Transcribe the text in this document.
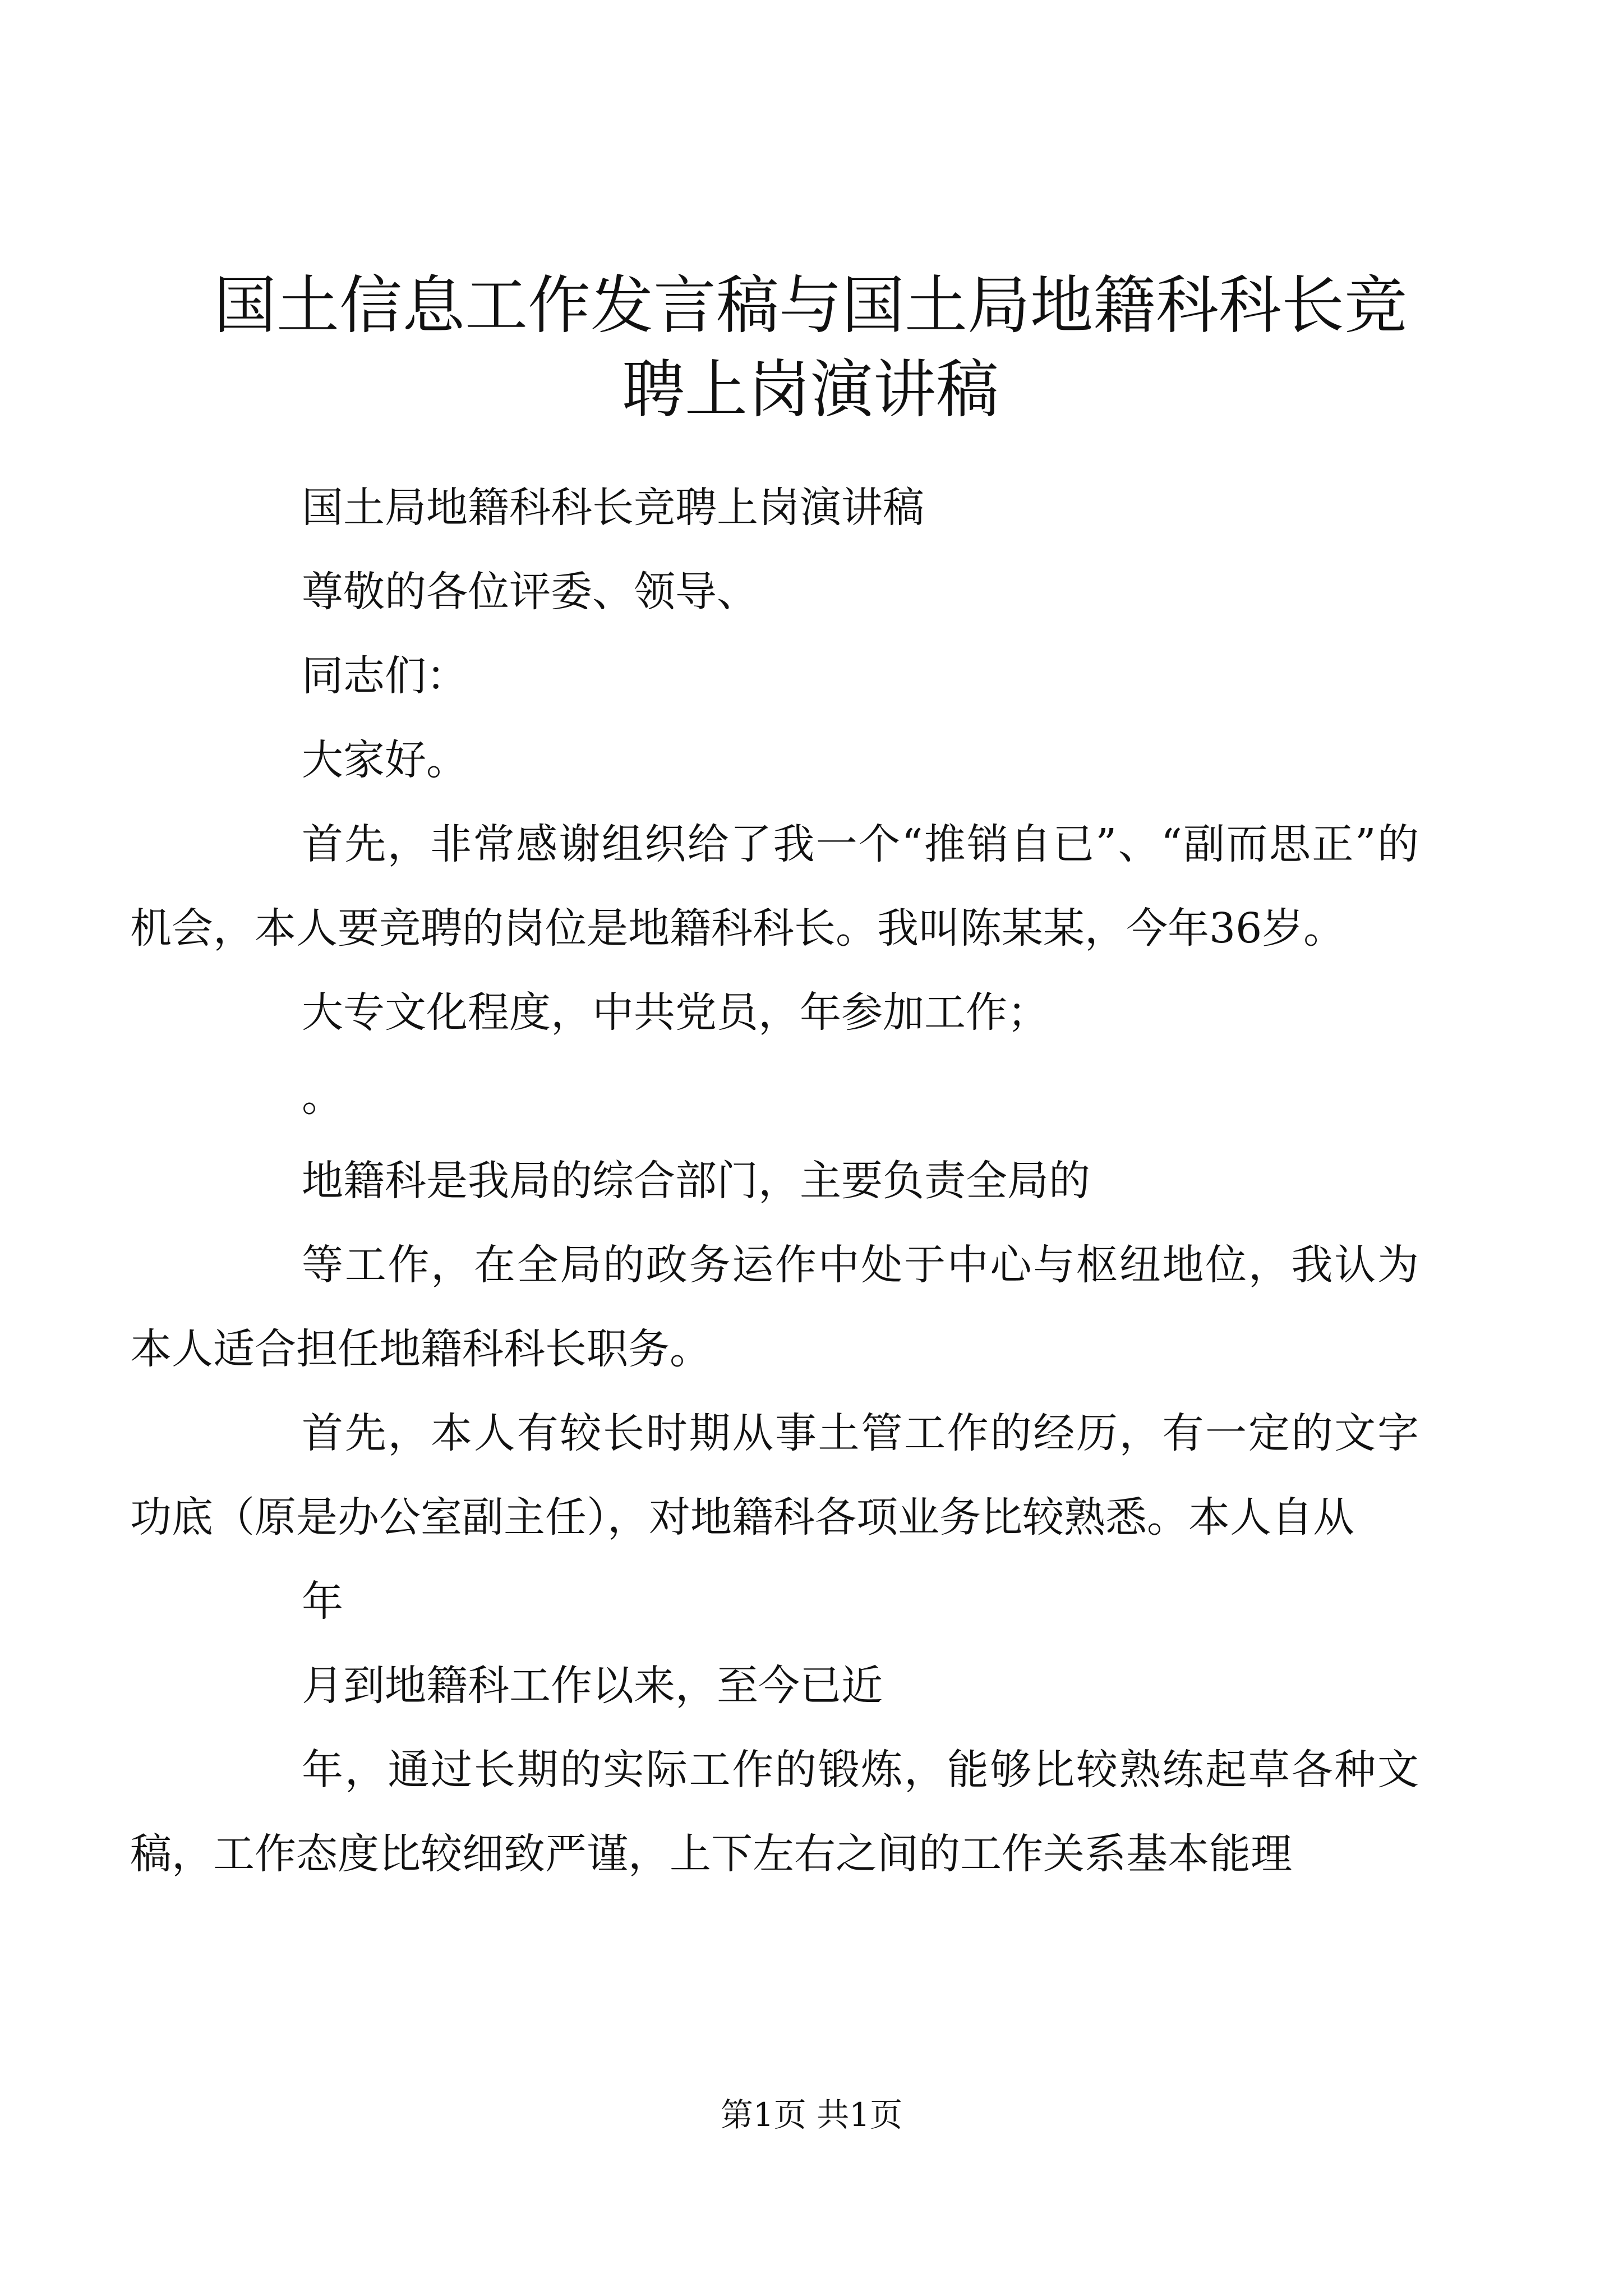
国土信息工作发言稿与国土局地籍科科长竞聘上岗演讲稿

国土局地籍科科长竞聘上岗演讲稿

尊敬的各位评委、领导、

同志们：

大家好。

首先，非常感谢组织给了我一个“推销自已”、“副而思正”的机会，本人要竞聘的岗位是地籍科科长。我叫陈某某，今年36岁。

大专文化程度，中共党员，年参加工作；

。

地籍科是我局的综合部门，主要负责全局的

等工作，在全局的政务运作中处于中心与枢纽地位，我认为本人适合担任地籍科科长职务。

首先，本人有较长时期从事土管工作的经历，有一定的文字功底（原是办公室副主任），对地籍科各项业务比较熟悉。本人自从

年

月到地籍科工作以来，至今已近

年，通过长期的实际工作的锻炼，能够比较熟练起草各种文稿，工作态度比较细致严谨，上下左右之间的工作关系基本能理

第1页 共1页
